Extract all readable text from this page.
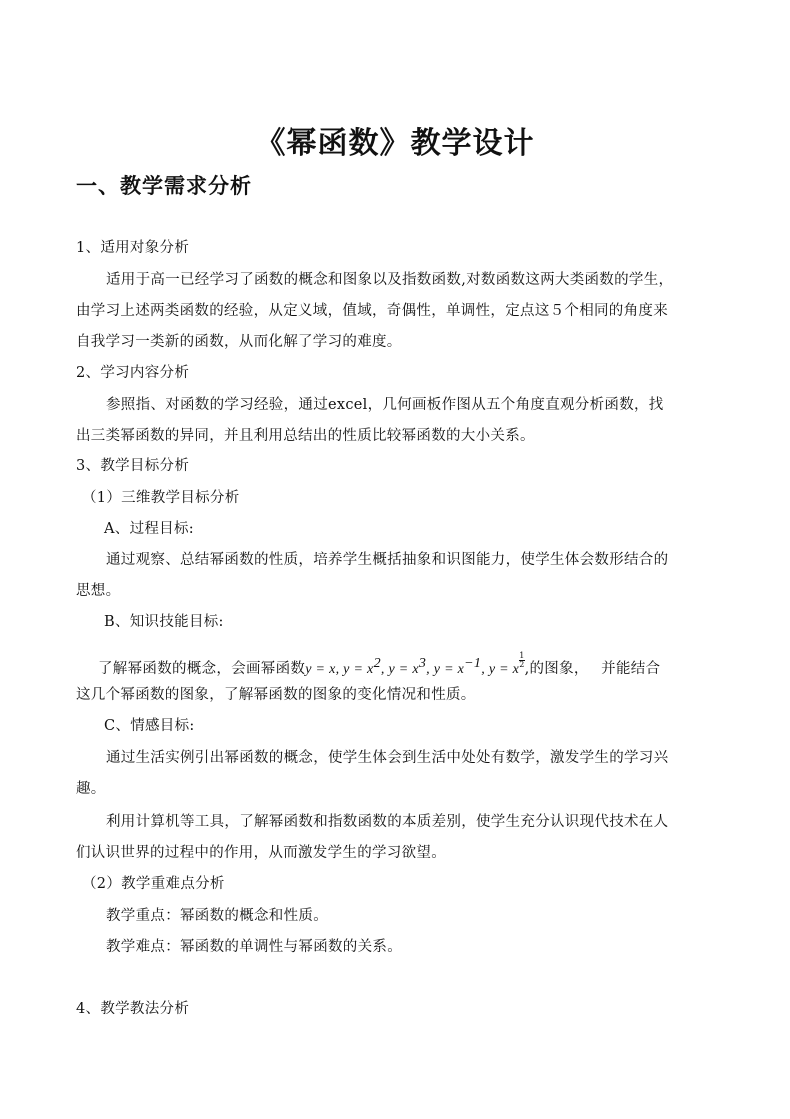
《幂函数》教学设计
一、教学需求分析
1、适用对象分析
适用于高一已经学习了函数的概念和图象以及指数函数,对数函数这两大类函数的学生，
由学习上述两类函数的经验，从定义域，值域，奇偶性，单调性，定点这５个相同的角度来
自我学习一类新的函数，从而化解了学习的难度。
2、学习内容分析
参照指、对函数的学习经验，通过excel，几何画板作图从五个角度直观分析函数，找
出三类幂函数的异同，并且利用总结出的性质比较幂函数的大小关系。
3、教学目标分析
（1）三维教学目标分析
A、过程目标:
通过观察、总结幂函数的性质，培养学生概括抽象和识图能力，使学生体会数形结合的
思想。
B、知识技能目标:
了解幂函数的概念，会画幂函数y = x, $y = x^2$, $y = x^3$, $y = x^{-1}$, y = x
$\frac{1}{2}$ ,的图象，　 并能结合
这几个幂函数的图象，了解幂函数的图象的变化情况和性质。
C、情感目标:
通过生活实例引出幂函数的概念，使学生体会到生活中处处有数学，激发学生的学习兴
趣。
利用计算机等工具，了解幂函数和指数函数的本质差别，使学生充分认识现代技术在人
们认识世界的过程中的作用，从而激发学生的学习欲望。
（2）教学重难点分析
教学重点：幂函数的概念和性质。
教学难点：幂函数的单调性与幂函数的关系。
4、教学教法分析
